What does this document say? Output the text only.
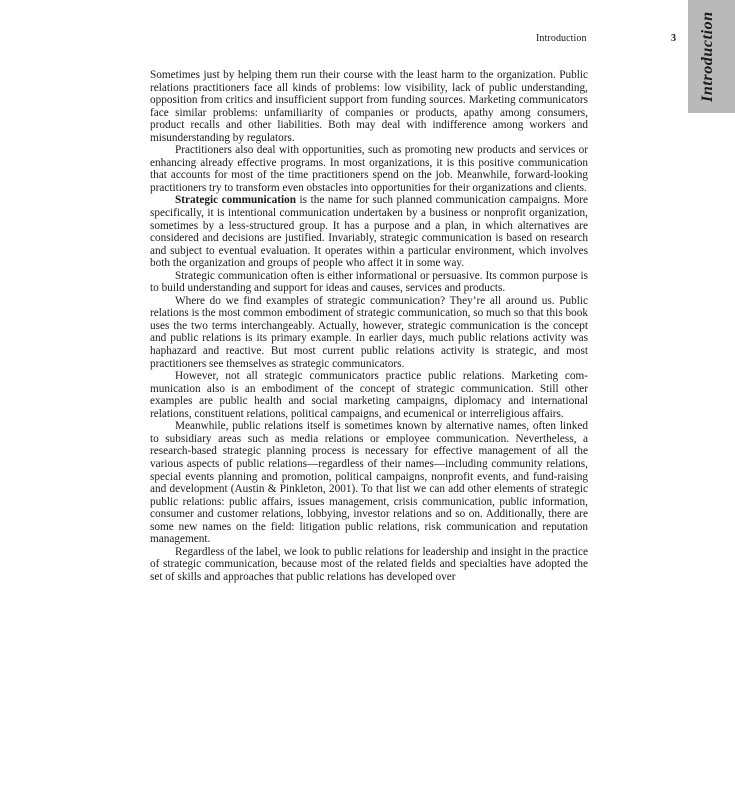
Introduction	3 Introduction

Sometimes just by helping them run their course with the least harm to the organization. Public relations practitioners face all kinds of problems: low visibility, lack of public understanding, opposition from critics and insufficient support from funding sources. Marketing communicators face similar problems: unfamiliarity of companies or products, apathy among consumers, product recalls and other liabilities. Both may deal with indifference among workers and misunderstanding by regulators.

Practitioners also deal with opportunities, such as promoting new products and services or enhancing already effective programs. In most organizations, it is this positive communication that accounts for most of the time practitioners spend on the job. Meanwhile, forward-looking practitioners try to transform even obstacles into opportunities for their organizations and clients.

Strategic communication is the name for such planned communication campaigns. More specifically, it is intentional communication undertaken by a business or nonprofit organization, sometimes by a less-structured group. It has a purpose and a plan, in which alternatives are considered and decisions are justified. Invariably, strategic communication is based on research and subject to eventual evaluation. It operates within a particular environment, which involves both the organization and groups of people who affect it in some way.

Strategic communication often is either informational or persuasive. Its common purpose is to build understanding and support for ideas and causes, services and products.

Where do we find examples of strategic communication? They’re all around us. Public relations is the most common embodiment of strategic communication, so much so that this book uses the two terms interchangeably. Actually, however, strategic communication is the concept and public relations is its primary example. In earlier days, much public relations activity was haphazard and reactive. But most current public relations activity is strategic, and most practitioners see themselves as strategic communicators.

However, not all strategic communicators practice public relations. Marketing communication also is an embodiment of the concept of strategic communication. Still other examples are public health and social marketing campaigns, diplomacy and international relations, constituent relations, political campaigns, and ecumenical or interreligious affairs.

Meanwhile, public relations itself is sometimes known by alternative names, often linked to subsidiary areas such as media relations or employee communication. Nevertheless, a research-based strategic planning process is necessary for effective management of all the various aspects of public relations—regardless of their names—including community relations, special events planning and promotion, political campaigns, nonprofit events, and fund-raising and development (Austin & Pinkleton, 2001). To that list we can add other elements of strategic public relations: public affairs, issues management, crisis communication, public information, consumer and customer relations, lobbying, investor relations and so on. Additionally, there are some new names on the field: litigation public relations, risk communication and reputation management.

Regardless of the label, we look to public relations for leadership and insight in the practice of strategic communication, because most of the related fields and specialties have adopted the set of skills and approaches that public relations has developed over
